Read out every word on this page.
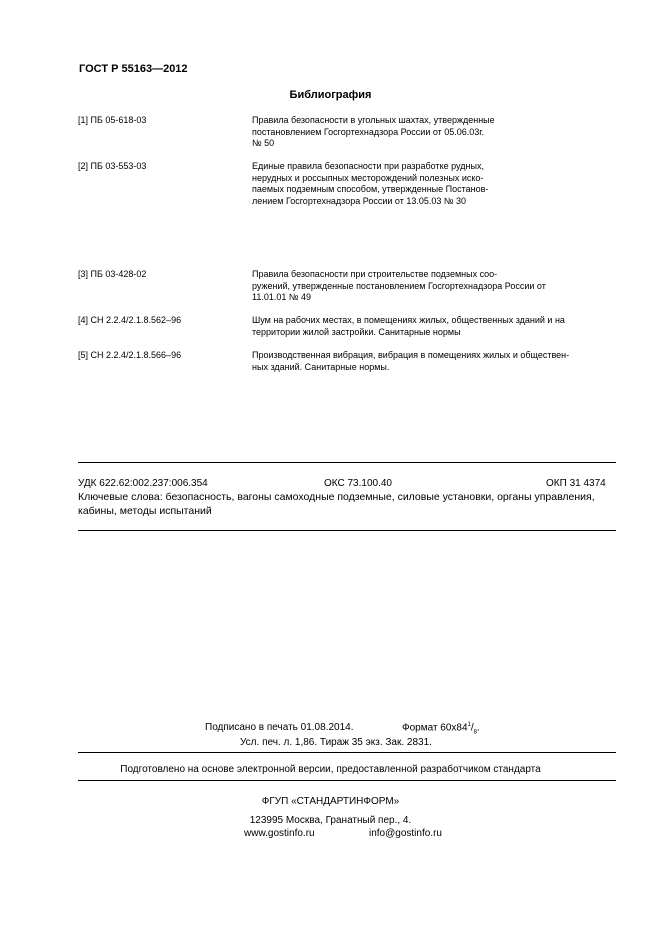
ГОСТ Р 55163—2012
Библиография
[1] ПБ 05-618-03	Правила безопасности в угольных шахтах, утвержденные
постановлением Госгортехнадзора России от 05.06.03г.
№ 50
[2] ПБ 03-553-03	Единые правила безопасности при разработке рудных,
нерудных и россыпных месторождений полезных иско-
паемых подземным способом, утвержденные Постанов-
лением Госгортехнадзора России от 13.05.03 № 30
[3] ПБ 03-428-02	Правила безопасности при строительстве подземных соо-
ружений, утвержденные постановлением Госгортехнадзора России от
11.01.01 № 49
[4] СН 2.2.4/2.1.8.562–96	Шум на рабочих местах, в помещениях жилых, общественных зданий и на
территории жилой застройки. Санитарные нормы
[5] СН 2.2.4/2.1.8.566–96	Производственная вибрация, вибрация в помещениях жилых и обществен-
ных зданий. Санитарные нормы.
УДК 622.62:002.237:006.354	ОКС 73.100.40	ОКП 31 4374
Ключевые слова: безопасность, вагоны самоходные подземные, силовые установки, органы управления, кабины, методы испытаний
Подписано в печать 01.08.2014.	Формат $60x84^1/_8$.
Усл. печ. л. 1,86. Тираж 35 экз. Зак. 2831.
Подготовлено на основе электронной версии, предоставленной разработчиком стандарта
ФГУП «СТАНДАРТИНФОРМ»
123995 Москва, Гранатный пер., 4.
www.gostinfo.ru	info@gostinfo.ru
